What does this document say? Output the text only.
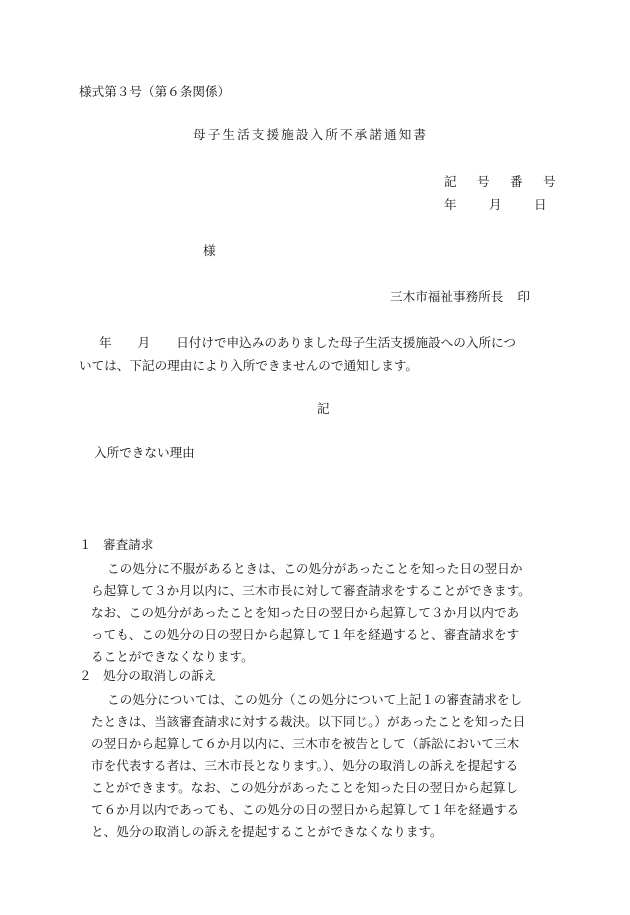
様式第３号（第６条関係）
母子生活支援施設入所不承諾通知書
記	号	番	号
年	月	日
様
三木市福祉事務所長 印
年 月 日付けで申込みのありました母子生活支援施設への入所につ
いては、下記の理由により入所できませんので通知します。
記
入所できない理由
１ 審査請求
この処分に不服があるときは、この処分があったことを知った日の翌日か
ら起算して３か月以内に、三木市長に対して審査請求をすることができます。
なお、この処分があったことを知った日の翌日から起算して３か月以内であ
っても、この処分の日の翌日から起算して１年を経過すると、審査請求をす
ることができなくなります。
２ 処分の取消しの訴え
この処分については、この処分（この処分について上記１の審査請求をし
たときは、当該審査請求に対する裁決。以下同じ。）があったことを知った日
の翌日から起算して６か月以内に、三木市を被告として（訴訟において三木
市を代表する者は、三木市長となります。）、処分の取消しの訴えを提起する
ことができます。なお、この処分があったことを知った日の翌日から起算し
て６か月以内であっても、この処分の日の翌日から起算して１年を経過する
と、処分の取消しの訴えを提起することができなくなります。
